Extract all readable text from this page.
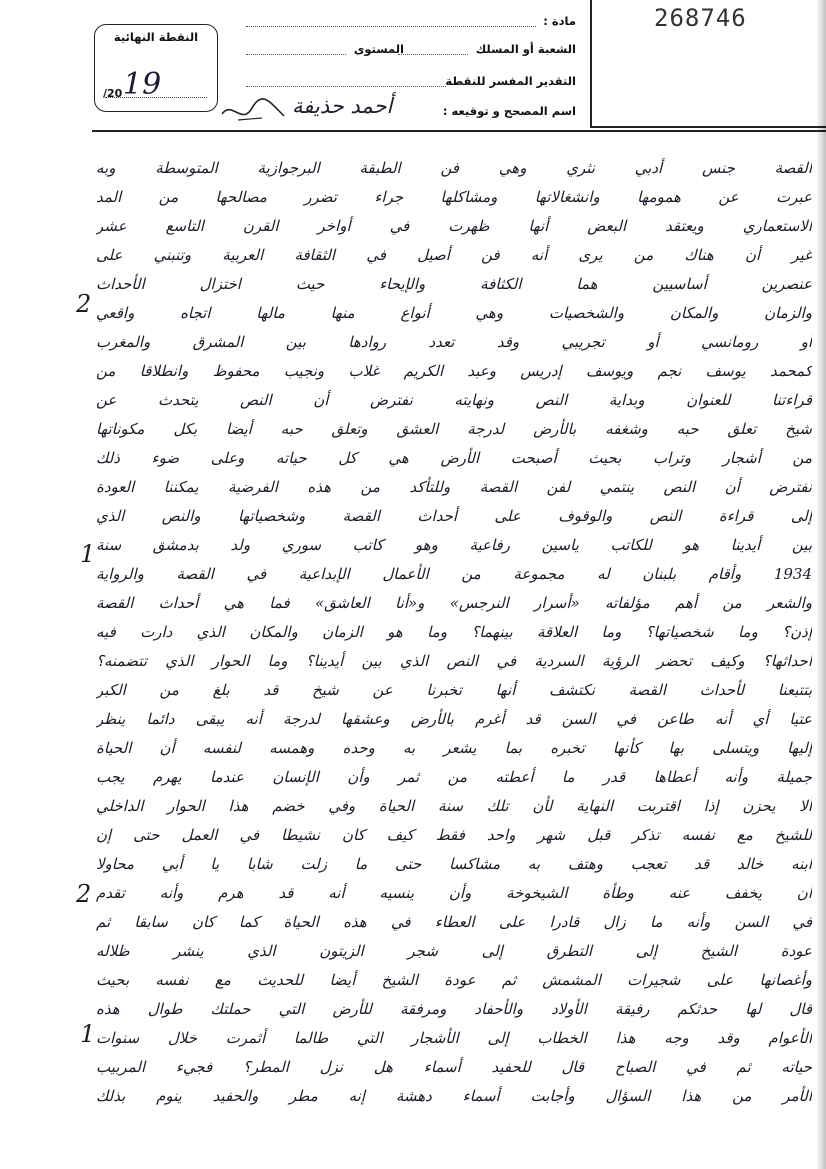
268746
مادة :
الشعبة أو المسلك
المستوى
التقدير المفسر للنقطة
اسم المصحح و توقيعه :
أحمد حذيفة
النقطة النهائية
19
/20
القصة جنس أدبي نثري وهي فن الطبقة البرجوازية المتوسطة وبه
عبرت عن همومها وانشغالاتها ومشاكلها جراء تضرر مصالحها من المد
الاستعماري ويعتقد البعض أنها ظهرت في أواخر القرن التاسع عشر
غير أن هناك من يرى أنه فن أصيل في الثقافة العربية وتنبني على
عنصرين أساسيين هما الكثافة والإيحاء حيث اختزال الأحداث
والزمان والمكان والشخصيات وهي أنواع منها مالها اتجاه واقعي
أو رومانسي أو تجريبي وقد تعدد روادها بين المشرق والمغرب
كمحمد يوسف نجم ويوسف إدريس وعبد الكريم غلاب ونجيب محفوظ وانطلاقا من
قراءتنا للعنوان وبداية النص ونهايته نفترض أن النص يتحدث عن
شيخ تعلق حبه وشغفه بالأرض لدرجة العشق وتعلق حبه أيضا بكل مكوناتها
من أشجار وتراب بحيث أصبحت الأرض هي كل حياته وعلى ضوء ذلك
نفترض أن النص ينتمي لفن القصة وللتأكد من هذه الفرضية يمكننا العودة
إلى قراءة النص والوقوف على أحداث القصة وشخصياتها والنص الذي
بين أيدينا هو للكاتب ياسين رفاعية وهو كاتب سوري ولد بدمشق سنة
1934 وأقام بلبنان له مجموعة من الأعمال الإبداعية في القصة والرواية
والشعر من أهم مؤلفاته «أسرار النرجس» و«أنا العاشق» فما هي أحداث القصة
إذن؟ وما شخصياتها؟ وما العلاقة بينهما؟ وما هو الزمان والمكان الذي دارت فيه
أحداثها؟ وكيف تحضر الرؤية السردية في النص الذي بين أيدينا؟ وما الحوار الذي تتضمنه؟
بتتبعنا لأحداث القصة نكتشف أنها تخبرنا عن شيخ قد بلغ من الكبر
عتيا أي أنه طاعن في السن قد أغرم بالأرض وعشقها لدرجة أنه يبقى دائما ينظر
إليها ويتسلى بها كأنها تخبره بما يشعر به وحده وهمسه لنفسه أن الحياة
جميلة وأنه أعطاها قدر ما أعطته من ثمر وأن الإنسان عندما يهرم يجب
ألا يحزن إذا اقتربت النهاية لأن تلك سنة الحياة وفي خضم هذا الحوار الداخلي
للشيخ مع نفسه تذكر قبل شهر واحد فقط كيف كان نشيطا في العمل حتى إن
ابنه خالد قد تعجب وهتف به مشاكسا حتى ما زلت شابا يا أبي محاولا
أن يخفف عنه وطأة الشيخوخة وأن ينسيه أنه قد هرم وأنه تقدم
في السن وأنه ما زال قادرا على العطاء في هذه الحياة كما كان سابقا ثم
عودة الشيخ إلى التطرق إلى شجر الزيتون الذي ينشر ظلاله
وأغصانها على شجيرات المشمش ثم عودة الشيخ أيضا للحديث مع نفسه بحيث
قال لها حدثكم رفيقة الأولاد والأحفاد ومرفقة للأرض التي حملتك طوال هذه
الأعوام وقد وجه هذا الخطاب إلى الأشجار التي طالما أثمرت خلال سنوات
حياته ثم في الصباح قال للحفيد أسماء هل نزل المطر؟ فجيء المربيب
الأمر من هذا السؤال وأجابت أسماء دهشة إنه مطر والحفيد ينوم بذلك
2
1
2
1
